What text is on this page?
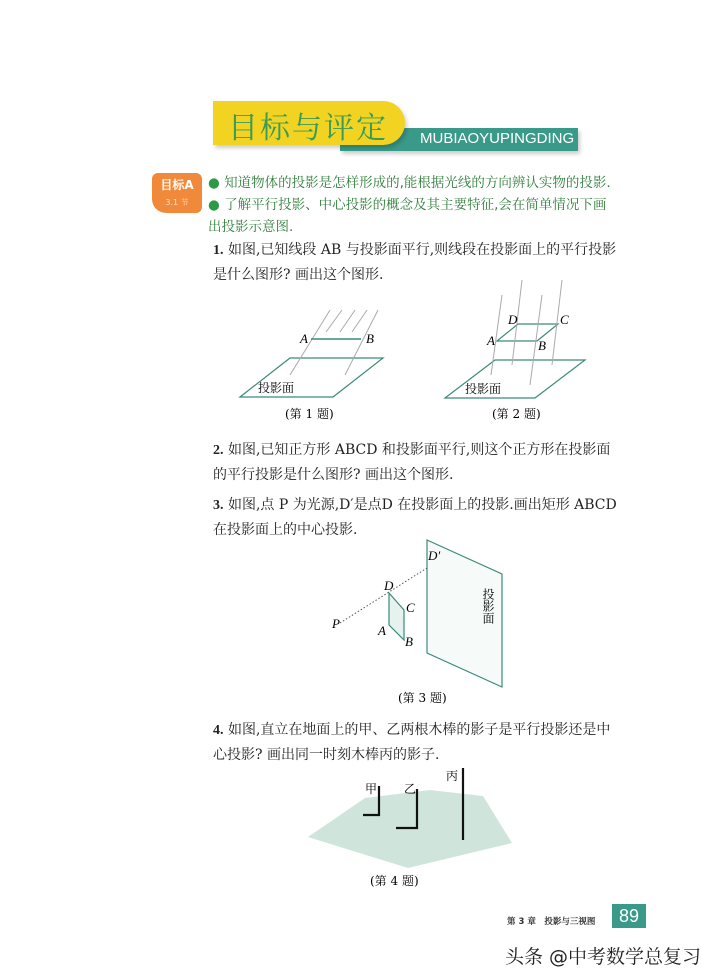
目标与评定 MUBIAOYUPINGDING
目标A
3.1 节
● 知道物体的投影是怎样形成的,能根据光线的方向辨认实物的投影.
● 了解平行投影、中心投影的概念及其主要特征,会在简单情况下画出投影示意图.
1. 如图,已知线段 AB 与投影面平行,则线段在投影面上的平行投影是什么图形? 画出这个图形.
A	B
投影面
(第 1 题)
D	C
A	B
投影面
(第 2 题)
2. 如图,已知正方形 ABCD 和投影面平行,则这个正方形在投影面的平行投影是什么图形? 画出这个图形.
3. 如图,点 P 为光源,D′是点D 在投影面上的投影.画出矩形 ABCD 在投影面上的中心投影.
P
D
C
A
B
D′
投影面
(第 3 题)
4. 如图,直立在地面上的甲、乙两根木棒的影子是平行投影还是中心投影? 画出同一时刻木棒丙的影子.
甲 乙
丙
(第 4 题)
第 3 章　投影与三视图	89
头条 @中考数学总复习
